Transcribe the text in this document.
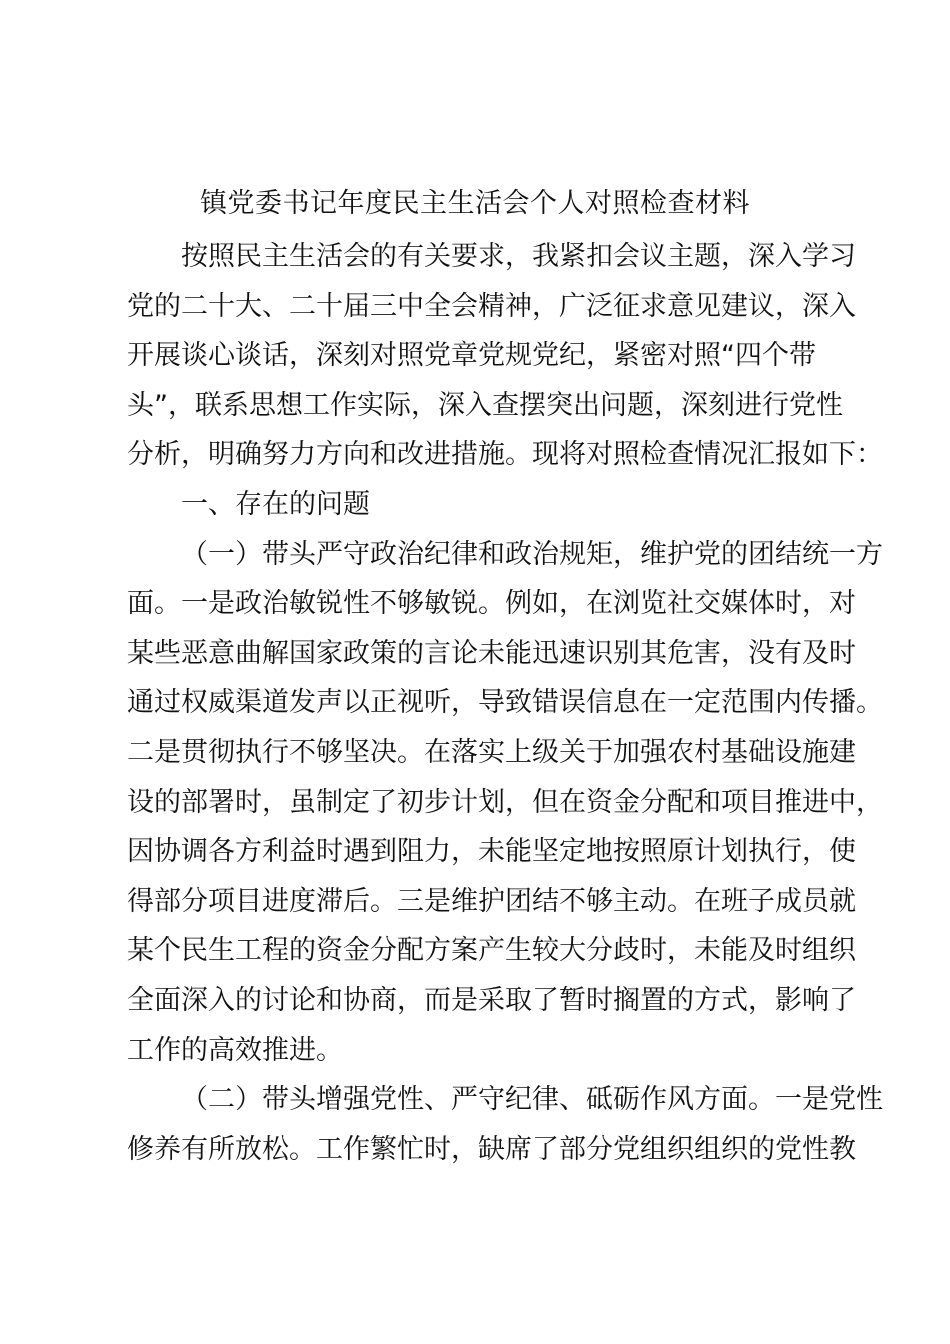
镇党委书记年度民主生活会个人对照检查材料
按照民主生活会的有关要求，我紧扣会议主题，深入学习
党的二十大、二十届三中全会精神，广泛征求意见建议，深入
开展谈心谈话，深刻对照党章党规党纪，紧密对照“四个带
头”，联系思想工作实际，深入查摆突出问题，深刻进行党性
分析，明确努力方向和改进措施。现将对照检查情况汇报如下：
一、存在的问题
（一）带头严守政治纪律和政治规矩，维护党的团结统一方
面。一是政治敏锐性不够敏锐。例如，在浏览社交媒体时，对
某些恶意曲解国家政策的言论未能迅速识别其危害，没有及时
通过权威渠道发声以正视听，导致错误信息在一定范围内传播。
二是贯彻执行不够坚决。在落实上级关于加强农村基础设施建
设的部署时，虽制定了初步计划，但在资金分配和项目推进中，
因协调各方利益时遇到阻力，未能坚定地按照原计划执行，使
得部分项目进度滞后。三是维护团结不够主动。在班子成员就
某个民生工程的资金分配方案产生较大分歧时，未能及时组织
全面深入的讨论和协商，而是采取了暂时搁置的方式，影响了
工作的高效推进。
（二）带头增强党性、严守纪律、砥砺作风方面。一是党性
修养有所放松。工作繁忙时，缺席了部分党组织组织的党性教
